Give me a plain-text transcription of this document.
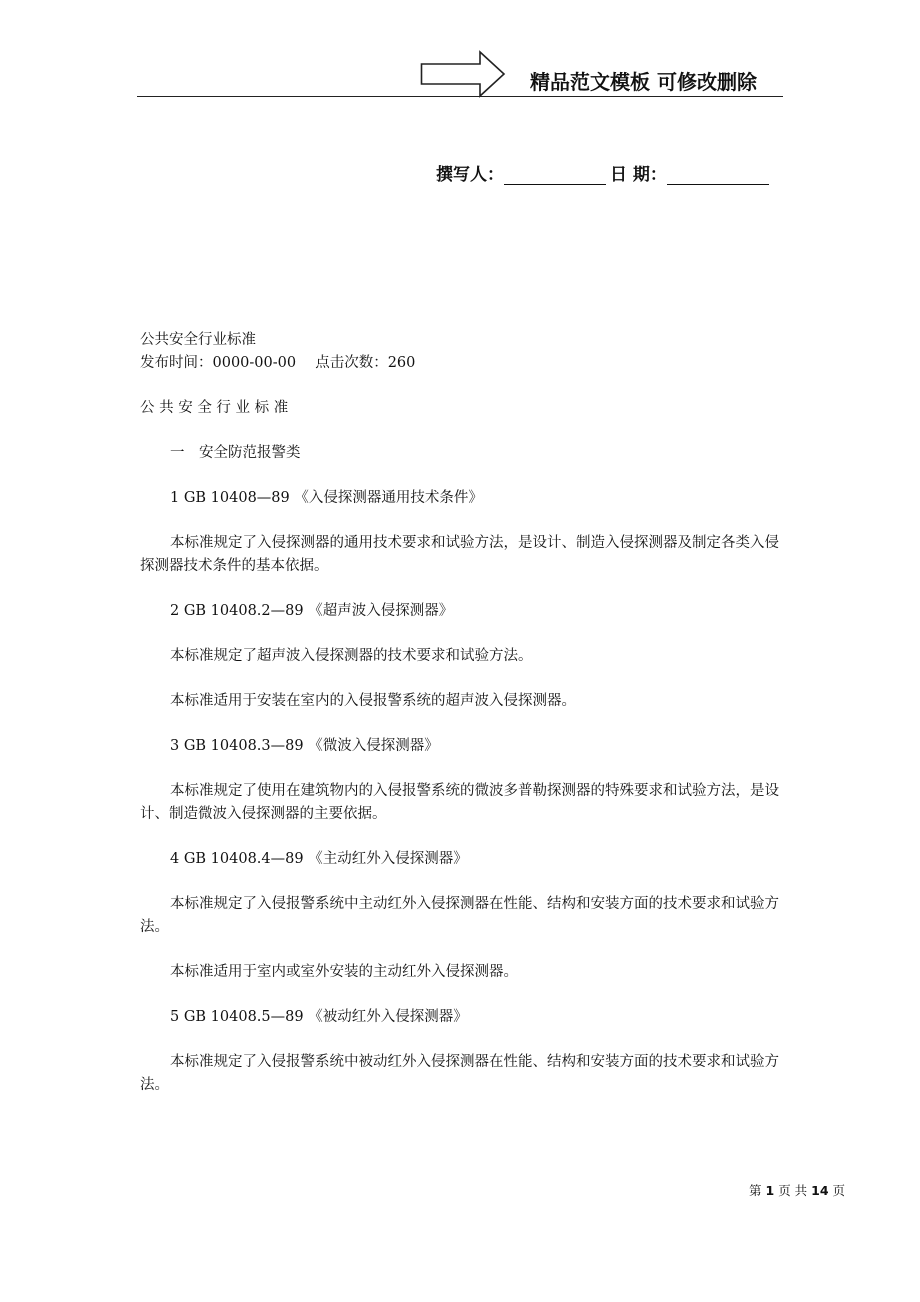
精品范文模板 可修改删除
撰写人：	日 期：

公共安全行业标准

发布时间：0000-00-00　 点击次数：260

公 共 安 全 行 业 标 准

一　安全防范报警类

1 GB 10408—89 《入侵探测器通用技术条件》

本标准规定了入侵探测器的通用技术要求和试验方法，是设计、制造入侵探测器及制定各类入侵探测器技术条件的基本依据。

2 GB 10408.2—89 《超声波入侵探测器》

本标准规定了超声波入侵探测器的技术要求和试验方法。

本标准适用于安装在室内的入侵报警系统的超声波入侵探测器。

3 GB 10408.3—89 《微波入侵探测器》

本标准规定了使用在建筑物内的入侵报警系统的微波多普勒探测器的特殊要求和试验方法，是设计、制造微波入侵探测器的主要依据。

4 GB 10408.4—89 《主动红外入侵探测器》

本标准规定了入侵报警系统中主动红外入侵探测器在性能、结构和安装方面的技术要求和试验方法。

本标准适用于室内或室外安装的主动红外入侵探测器。

5 GB 10408.5—89 《被动红外入侵探测器》

本标准规定了入侵报警系统中被动红外入侵探测器在性能、结构和安装方面的技术要求和试验方法。

第 1 页 共 14 页
